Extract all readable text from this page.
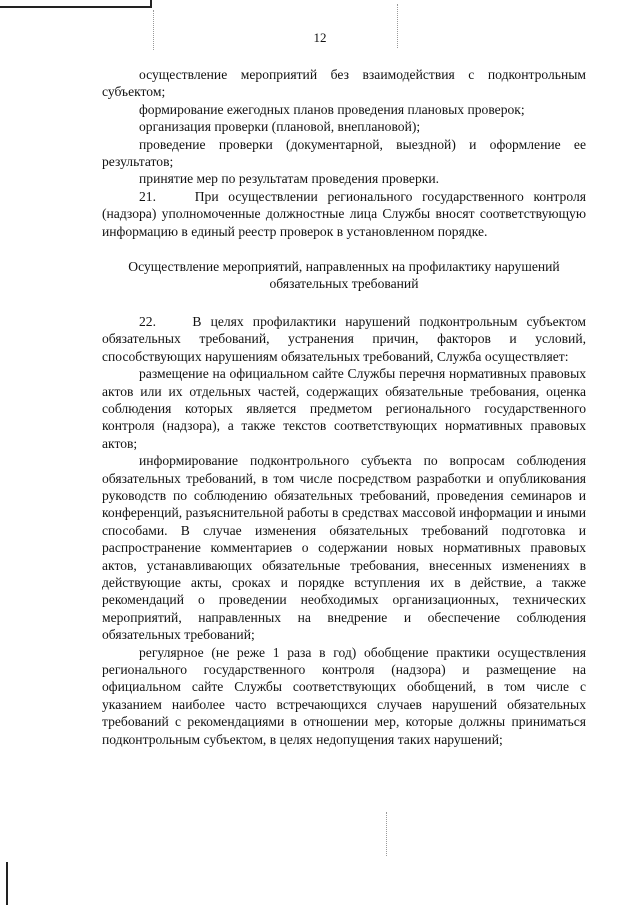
12

осуществление мероприятий без взаимодействия с подконтрольным субъектом;

формирование ежегодных планов проведения плановых проверок;

организация проверки (плановой, внеплановой);

проведение проверки (документарной, выездной) и оформление ее результатов;

принятие мер по результатам проведения проверки.

21.    При осуществлении регионального государственного контроля (надзора) уполномоченные должностные лица Службы вносят соответствующую информацию в единый реестр проверок в установленном порядке.

Осуществление мероприятий, направленных на профилактику нарушений обязательных требований

22.    В целях профилактики нарушений подконтрольным субъектом обязательных требований, устранения причин, факторов и условий, способствующих нарушениям обязательных требований, Служба осуществляет:

размещение на официальном сайте Службы перечня нормативных правовых актов или их отдельных частей, содержащих обязательные требования, оценка соблюдения которых является предметом регионального государственного контроля (надзора), а также текстов соответствующих нормативных правовых актов;

информирование подконтрольного субъекта по вопросам соблюдения обязательных требований, в том числе посредством разработки и опубликования руководств по соблюдению обязательных требований, проведения семинаров и конференций, разъяснительной работы в средствах массовой информации и иными способами. В случае изменения обязательных требований подготовка и распространение комментариев о содержании новых нормативных правовых актов, устанавливающих обязательные требования, внесенных изменениях в действующие акты, сроках и порядке вступления их в действие, а также рекомендаций о проведении необходимых организационных, технических мероприятий, направленных на внедрение и обеспечение соблюдения обязательных требований;

регулярное (не реже 1 раза в год) обобщение практики осуществления регионального государственного контроля (надзора) и размещение на официальном сайте Службы соответствующих обобщений, в том числе с указанием наиболее часто встречающихся случаев нарушений обязательных требований с рекомендациями в отношении мер, которые должны приниматься подконтрольным субъектом, в целях недопущения таких нарушений;
